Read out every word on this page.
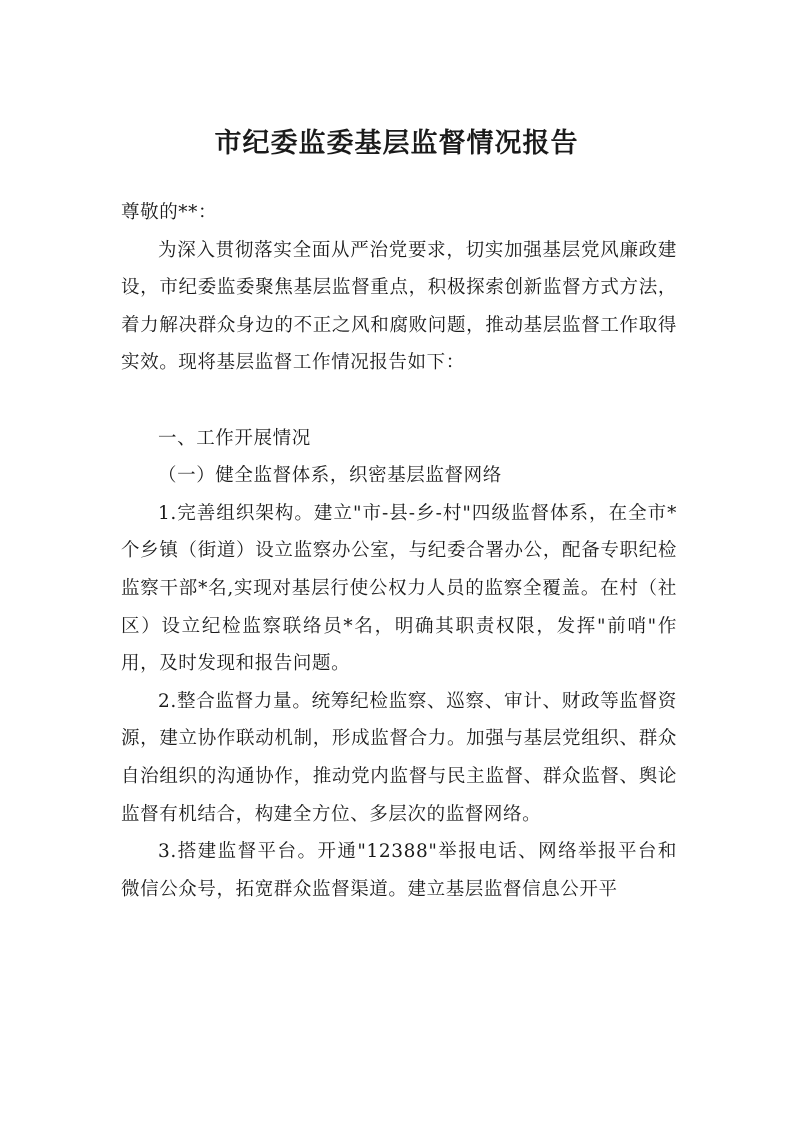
市纪委监委基层监督情况报告

尊敬的**：

为深入贯彻落实全面从严治党要求，切实加强基层党风廉政建设，市纪委监委聚焦基层监督重点，积极探索创新监督方式方法，着力解决群众身边的不正之风和腐败问题，推动基层监督工作取得实效。现将基层监督工作情况报告如下：

一、工作开展情况

（一）健全监督体系，织密基层监督网络

1.完善组织架构。建立"市-县-乡-村"四级监督体系，在全市*个乡镇（街道）设立监察办公室，与纪委合署办公，配备专职纪检监察干部*名,实现对基层行使公权力人员的监察全覆盖。在村（社区）设立纪检监察联络员*名，明确其职责权限，发挥"前哨"作用，及时发现和报告问题。

2.整合监督力量。统筹纪检监察、巡察、审计、财政等监督资源，建立协作联动机制，形成监督合力。加强与基层党组织、群众自治组织的沟通协作，推动党内监督与民主监督、群众监督、舆论监督有机结合，构建全方位、多层次的监督网络。

3.搭建监督平台。开通"12388"举报电话、网络举报平台和微信公众号，拓宽群众监督渠道。建立基层监督信息公开平
